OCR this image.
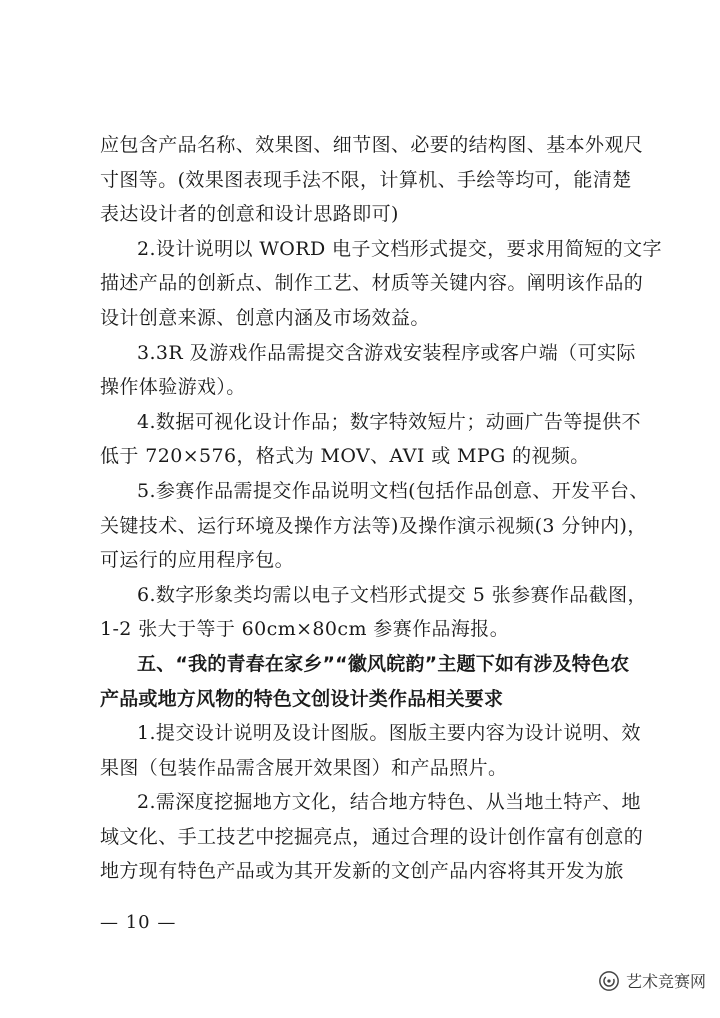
应包含产品名称、效果图、细节图、必要的结构图、基本外观尺
寸图等。(效果图表现手法不限，计算机、手绘等均可，能清楚
表达设计者的创意和设计思路即可)
2.设计说明以 WORD 电子文档形式提交，要求用简短的文字
描述产品的创新点、制作工艺、材质等关键内容。阐明该作品的
设计创意来源、创意内涵及市场效益。
3.3R 及游戏作品需提交含游戏安装程序或客户端（可实际
操作体验游戏）。
4.数据可视化设计作品；数字特效短片；动画广告等提供不
低于 720×576，格式为 MOV、AVI 或 MPG 的视频。
5.参赛作品需提交作品说明文档(包括作品创意、开发平台、
关键技术、运行环境及操作方法等)及操作演示视频(3 分钟内)，
可运行的应用程序包。
6.数字形象类均需以电子文档形式提交 5 张参赛作品截图，
1-2 张大于等于 60cm×80cm 参赛作品海报。
五、“我的青春在家乡”“徽风皖韵”主题下如有涉及特色农
产品或地方风物的特色文创设计类作品相关要求
1.提交设计说明及设计图版。图版主要内容为设计说明、效
果图（包装作品需含展开效果图）和产品照片。
2.需深度挖掘地方文化，结合地方特色、从当地土特产、地
域文化、手工技艺中挖掘亮点，通过合理的设计创作富有创意的
地方现有特色产品或为其开发新的文创产品内容将其开发为旅
— 10 —
艺术竞赛网
